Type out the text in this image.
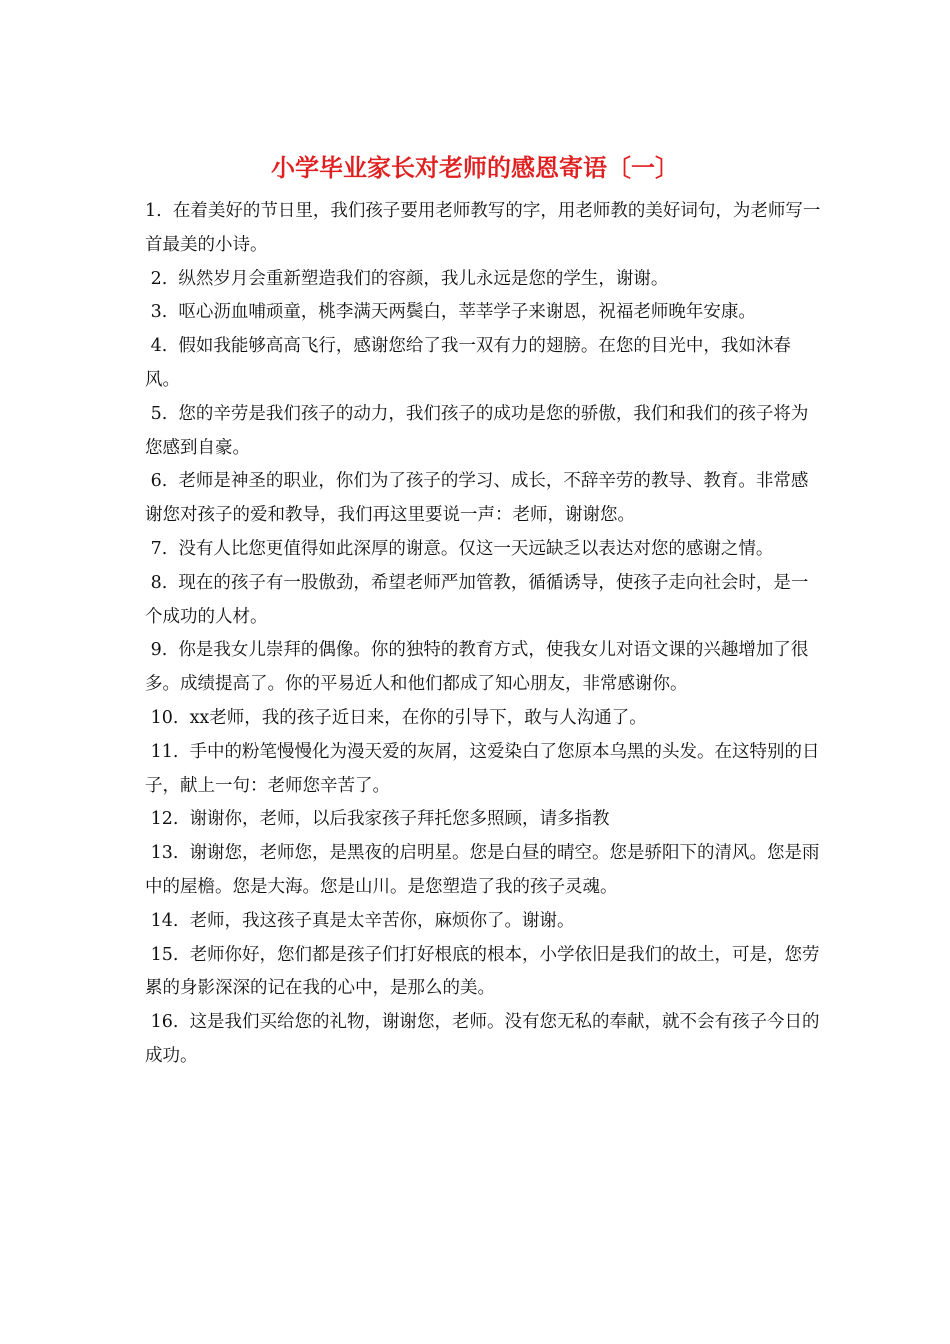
小学毕业家长对老师的感恩寄语〔一〕

1. 在着美好的节日里，我们孩子要用老师教写的字，用老师教的美好词句，为老师写一首最美的小诗。

2. 纵然岁月会重新塑造我们的容颜，我儿永远是您的学生，谢谢。

3. 呕心沥血哺顽童，桃李满天两鬓白，莘莘学子来谢恩，祝福老师晚年安康。

4. 假如我能够高高飞行，感谢您给了我一双有力的翅膀。在您的目光中，我如沐春风。

5. 您的辛劳是我们孩子的动力，我们孩子的成功是您的骄傲，我们和我们的孩子将为您感到自豪。

6. 老师是神圣的职业，你们为了孩子的学习、成长，不辞辛劳的教导、教育。非常感谢您对孩子的爱和教导，我们再这里要说一声：老师，谢谢您。

7. 没有人比您更值得如此深厚的谢意。仅这一天远缺乏以表达对您的感谢之情。

8. 现在的孩子有一股傲劲，希望老师严加管教，循循诱导，使孩子走向社会时，是一个成功的人材。

9. 你是我女儿崇拜的偶像。你的独特的教育方式，使我女儿对语文课的兴趣增加了很多。成绩提高了。你的平易近人和他们都成了知心朋友，非常感谢你。

10. xx老师，我的孩子近日来，在你的引导下，敢与人沟通了。

11. 手中的粉笔慢慢化为漫天爱的灰屑，这爱染白了您原本乌黑的头发。在这特别的日子，献上一句：老师您辛苦了。

12. 谢谢你，老师，以后我家孩子拜托您多照顾，请多指教

13. 谢谢您，老师您，是黑夜的启明星。您是白昼的晴空。您是骄阳下的清风。您是雨中的屋檐。您是大海。您是山川。是您塑造了我的孩子灵魂。

14. 老师，我这孩子真是太辛苦你，麻烦你了。谢谢。

15. 老师你好，您们都是孩子们打好根底的根本，小学依旧是我们的故土，可是，您劳累的身影深深的记在我的心中，是那么的美。

16. 这是我们买给您的礼物，谢谢您，老师。没有您无私的奉献，就不会有孩子今日的成功。
